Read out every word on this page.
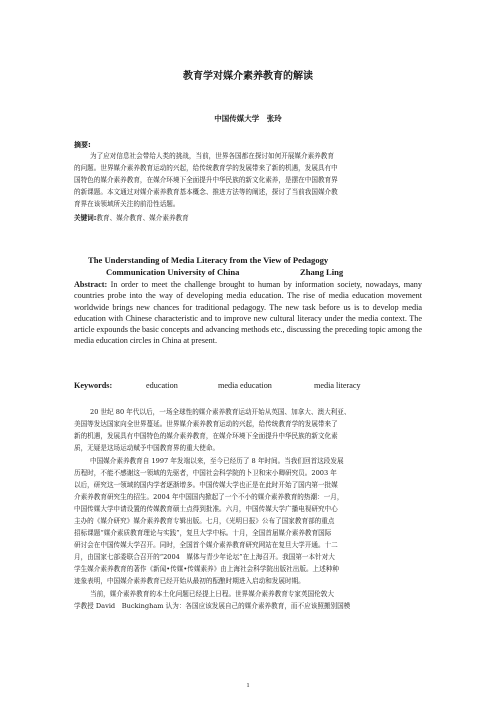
教育学对媒介素养教育的解读
中国传媒大学　张玲
摘要:
为了应对信息社会带给人类的挑战，当前，世界各国都在探讨如何开展媒介素养教育
的问题。世界媒介素养教育运动的兴起，给传统教育学的发展带来了新的机遇，发展具有中
国特色的媒介素养教育，在媒介环境下全面提升中华民族的新文化素养，是摆在中国教育界
的新课题。本文通过对媒介素养教育基本概念、推进方法等的阐述，探讨了当前我国媒介教
育界在该领域所关注的前沿性话题。
关键词:教育、媒介教育、媒介素养教育
The Understanding of Media Literacy from the View of Pedagogy
Communication University of China	Zhang Ling
Abstract: In order to meet the challenge brought to human by information society, nowadays, many countries probe into the way of developing media education. The rise of media education movement worldwide brings new chances for traditional pedagogy. The new task before us is to develop media education with Chinese characteristic and to improve new cultural literacy under the media context. The article expounds the basic concepts and advancing methods etc., discussing the preceding topic among the media education circles in China at present.
Keywords:	education	media education	media literacy
20 世纪 80 年代以后，一场全球性的媒介素养教育运动开始从英国、加拿大、澳大利亚、
美国等发达国家向全世界蔓延。世界媒介素养教育运动的兴起，给传统教育学的发展带来了
新的机遇，发展具有中国特色的媒介素养教育，在媒介环境下全面提升中华民族的新文化素
质，无疑是这场运动赋予中国教育界的重大使命。
中国媒介素养教育自 1997 年发端以来，至今已经历了 8 年时间。当我们回首这段发展
历程时，不能不感谢这一领域的先驱者，中国社会科学院的卜卫和宋小卿研究员。2003 年
以后，研究这一领域的国内学者逐渐增多。中国传媒大学也正是在此时开始了国内第一批媒
介素养教育研究生的招生。2004 年中国国内掀起了一个不小的媒介素养教育的热潮：一月，
中国传媒大学申请设置的传媒教育硕士点得到批准。六月，中国传媒大学广播电视研究中心
主办的《媒介研究》媒介素养教育专辑出版。七月，《光明日报》公布了国家教育部的重点
招标课题“媒介素质教育理论与实践”，复旦大学中标。十月，全国首届媒介素养教育国际
研讨会在中国传媒大学召开。同时，全国首个媒介素养教育研究网站在复旦大学开通。十二
月，由国家七部委联合召开的“2004　媒体与青少年论坛”在上海召开。我国第一本针对大
学生媒介素养教育的著作《新闻•传媒•传媒素养》由上海社会科学院出版社出版。上述种种
迹象表明，中国媒介素养教育已经开始从最初的酝酿时期进入启动和发展时期。
当前，媒介素养教育的本土化问题已经提上日程。世界媒介素养教育专家英国伦敦大
学教授 David　Buckingham 认为：各国应该发展自己的媒介素养教育，而不应该照搬别国模
1
